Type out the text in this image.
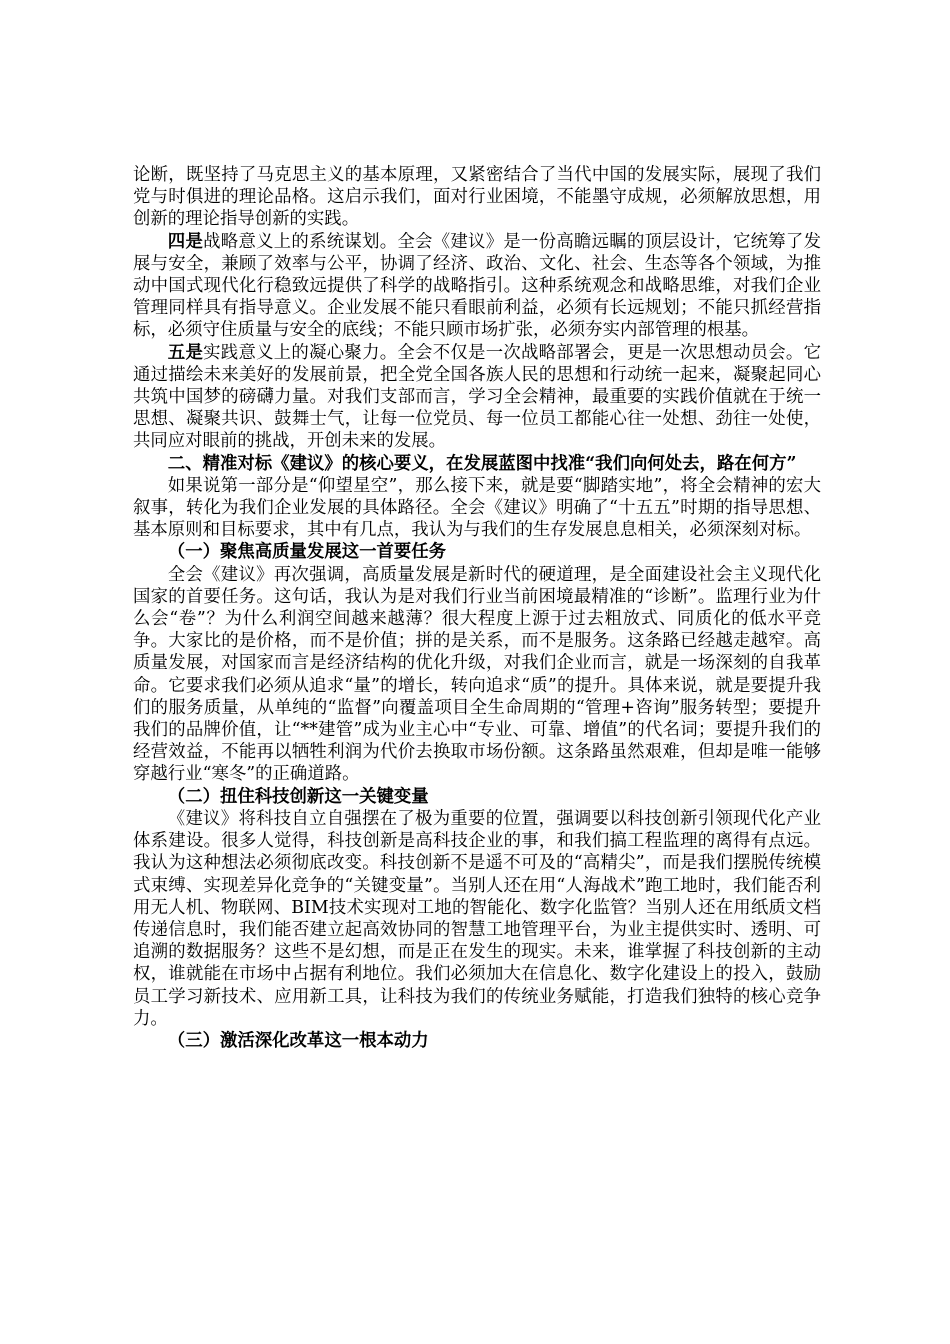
论断，既坚持了马克思主义的基本原理，又紧密结合了当代中国的发展实际，展现了我们党与时俱进的理论品格。这启示我们，面对行业困境，不能墨守成规，必须解放思想，用创新的理论指导创新的实践。

四是战略意义上的系统谋划。全会《建议》是一份高瞻远瞩的顶层设计，它统筹了发展与安全，兼顾了效率与公平，协调了经济、政治、文化、社会、生态等各个领域，为推动中国式现代化行稳致远提供了科学的战略指引。这种系统观念和战略思维，对我们企业管理同样具有指导意义。企业发展不能只看眼前利益，必须有长远规划；不能只抓经营指标，必须守住质量与安全的底线；不能只顾市场扩张，必须夯实内部管理的根基。

五是实践意义上的凝心聚力。全会不仅是一次战略部署会，更是一次思想动员会。它通过描绘未来美好的发展前景，把全党全国各族人民的思想和行动统一起来，凝聚起同心共筑中国梦的磅礴力量。对我们支部而言，学习全会精神，最重要的实践价值就在于统一思想、凝聚共识、鼓舞士气，让每一位党员、每一位员工都能心往一处想、劲往一处使，共同应对眼前的挑战，开创未来的发展。

二、精准对标《建议》的核心要义，在发展蓝图中找准“我们向何处去，路在何方”

如果说第一部分是“仰望星空”，那么接下来，就是要“脚踏实地”，将全会精神的宏大叙事，转化为我们企业发展的具体路径。全会《建议》明确了“十五五”时期的指导思想、基本原则和目标要求，其中有几点，我认为与我们的生存发展息息相关，必须深刻对标。

（一）聚焦高质量发展这一首要任务

全会《建议》再次强调，高质量发展是新时代的硬道理，是全面建设社会主义现代化国家的首要任务。这句话，我认为是对我们行业当前困境最精准的“诊断”。监理行业为什么会“卷”？为什么利润空间越来越薄？很大程度上源于过去粗放式、同质化的低水平竞争。大家比的是价格，而不是价值；拼的是关系，而不是服务。这条路已经越走越窄。高质量发展，对国家而言是经济结构的优化升级，对我们企业而言，就是一场深刻的自我革命。它要求我们必须从追求“量”的增长，转向追求“质”的提升。具体来说，就是要提升我们的服务质量，从单纯的“监督”向覆盖项目全生命周期的“管理+咨询”服务转型；要提升我们的品牌价值，让“**建管”成为业主心中“专业、可靠、增值”的代名词；要提升我们的经营效益，不能再以牺牲利润为代价去换取市场份额。这条路虽然艰难，但却是唯一能够穿越行业“寒冬”的正确道路。

（二）扭住科技创新这一关键变量

《建议》将科技自立自强摆在了极为重要的位置，强调要以科技创新引领现代化产业体系建设。很多人觉得，科技创新是高科技企业的事，和我们搞工程监理的离得有点远。我认为这种想法必须彻底改变。科技创新不是遥不可及的“高精尖”，而是我们摆脱传统模式束缚、实现差异化竞争的“关键变量”。当别人还在用“人海战术”跑工地时，我们能否利用无人机、物联网、BIM技术实现对工地的智能化、数字化监管？当别人还在用纸质文档传递信息时，我们能否建立起高效协同的智慧工地管理平台，为业主提供实时、透明、可追溯的数据服务？这些不是幻想，而是正在发生的现实。未来，谁掌握了科技创新的主动权，谁就能在市场中占据有利地位。我们必须加大在信息化、数字化建设上的投入，鼓励员工学习新技术、应用新工具，让科技为我们的传统业务赋能，打造我们独特的核心竞争力。

（三）激活深化改革这一根本动力
